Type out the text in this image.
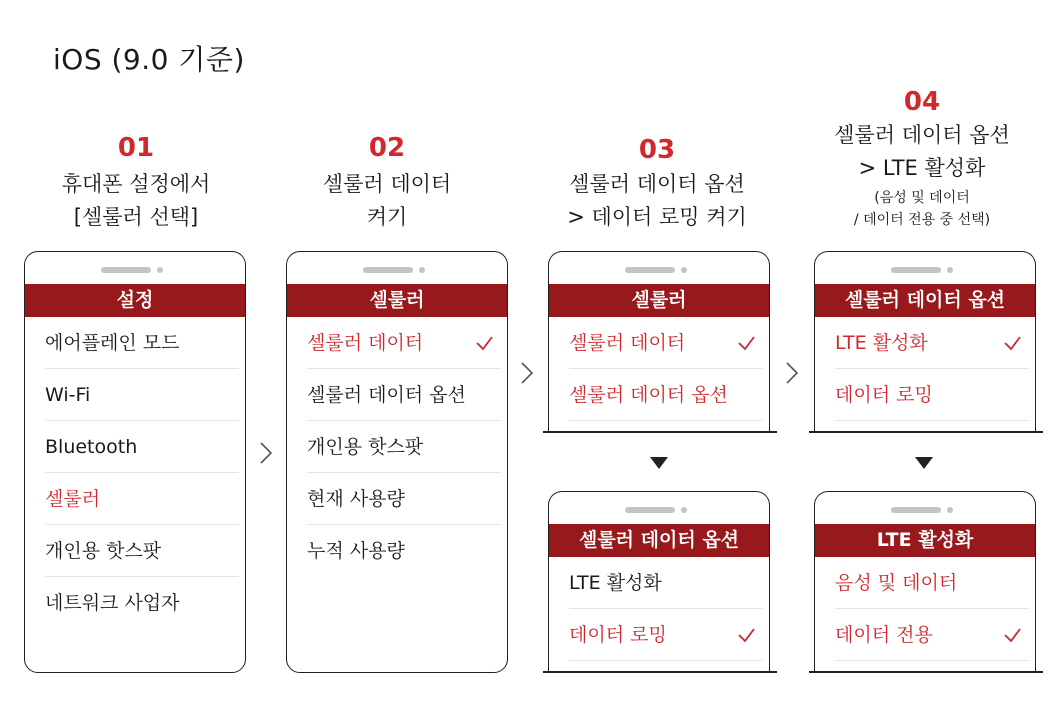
iOS (9.0 기준)
01
휴대폰 설정에서
[셀룰러 선택]
설정
에어플레인 모드
Wi-Fi
Bluetooth
셀룰러
개인용 핫스팟
네트워크 사업자
02
셀룰러 데이터
켜기
셀룰러
셀룰러 데이터
셀룰러 데이터 옵션
개인용 핫스팟
현재 사용량
누적 사용량
03
셀룰러 데이터 옵션
> 데이터 로밍 켜기
셀룰러
셀룰러 데이터
셀룰러 데이터 옵션
셀룰러 데이터 옵션
LTE 활성화
데이터 로밍
04
셀룰러 데이터 옵션
> LTE 활성화
(음성 및 데이터
/ 데이터 전용 중 선택)
셀룰러 데이터 옵션
LTE 활성화
데이터 로밍
LTE 활성화
음성 및 데이터
데이터 전용
